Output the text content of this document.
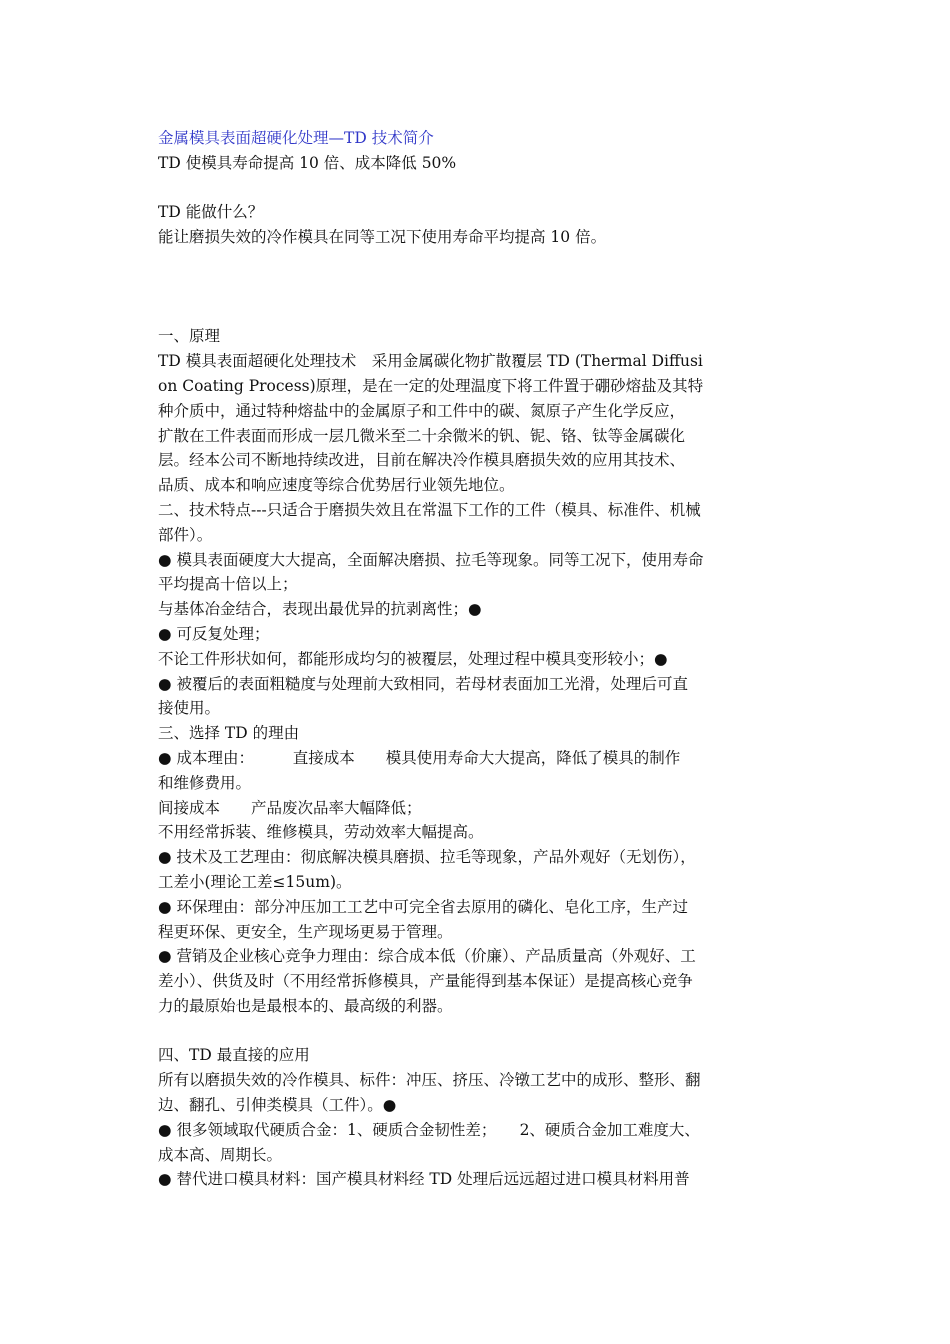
金属模具表面超硬化处理—TD 技术简介
TD 使模具寿命提高 10 倍、成本降低 50%
TD 能做什么？
能让磨损失效的冷作模具在同等工况下使用寿命平均提高 10 倍。
一、原理
TD 模具表面超硬化处理技术　采用金属碳化物扩散覆层 TD (Thermal Diffusi
on Coating Process)原理，是在一定的处理温度下将工件置于硼砂熔盐及其特
种介质中，通过特种熔盐中的金属原子和工件中的碳、氮原子产生化学反应，
扩散在工件表面而形成一层几微米至二十余微米的钒、铌、铬、钛等金属碳化
层。经本公司不断地持续改进，目前在解决冷作模具磨损失效的应用其技术、
品质、成本和响应速度等综合优势居行业领先地位。
二、技术特点---只适合于磨损失效且在常温下工作的工件（模具、标准件、机械
部件）。
● 模具表面硬度大大提高，全面解决磨损、拉毛等现象。同等工况下，使用寿命
平均提高十倍以上；
与基体冶金结合，表现出最优异的抗剥离性；●
● 可反复处理；
不论工件形状如何，都能形成均匀的被覆层，处理过程中模具变形较小；●
● 被覆后的表面粗糙度与处理前大致相同，若母材表面加工光滑，处理后可直
接使用。
三、选择 TD 的理由
● 成本理由：　　　直接成本　　模具使用寿命大大提高，降低了模具的制作
和维修费用。
间接成本　　产品废次品率大幅降低；
不用经常拆装、维修模具，劳动效率大幅提高。
● 技术及工艺理由：彻底解决模具磨损、拉毛等现象，产品外观好（无划伤），
工差小(理论工差≤15um)。
● 环保理由：部分冲压加工工艺中可完全省去原用的磷化、皂化工序，生产过
程更环保、更安全，生产现场更易于管理。
● 营销及企业核心竞争力理由：综合成本低（价廉）、产品质量高（外观好、工
差小）、供货及时（不用经常拆修模具，产量能得到基本保证）是提高核心竞争
力的最原始也是最根本的、最高级的利器。
四、TD 最直接的应用
所有以磨损失效的冷作模具、标件：冲压、挤压、冷镦工艺中的成形、整形、翻
边、翻孔、引伸类模具（工件）。●
● 很多领域取代硬质合金：1、硬质合金韧性差；　　2、硬质合金加工难度大、
成本高、周期长。
● 替代进口模具材料：国产模具材料经 TD 处理后远远超过进口模具材料用普
